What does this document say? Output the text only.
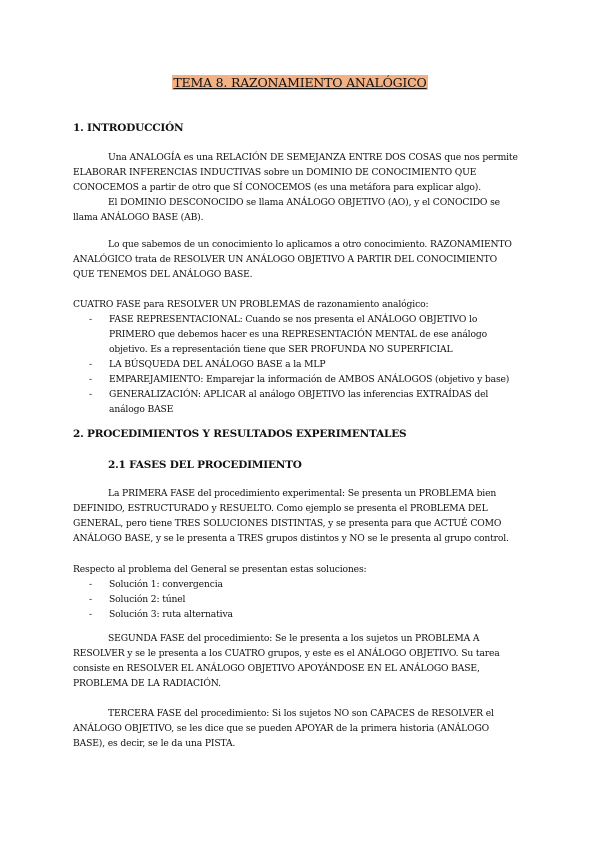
TEMA 8. RAZONAMIENTO ANALÓGICO
1. INTRODUCCIÓN
Una ANALOGÍA es una RELACIÓN DE SEMEJANZA ENTRE DOS COSAS que nos permite ELABORAR INFERENCIAS INDUCTIVAS sobre un DOMINIO DE CONOCIMIENTO QUE CONOCEMOS a partir de otro que SÍ CONOCEMOS (es una metáfora para explicar algo).
El DOMINIO DESCONOCIDO se llama ANÁLOGO OBJETIVO (AO), y el CONOCIDO se llama ANÁLOGO BASE (AB).
Lo que sabemos de un conocimiento lo aplicamos a otro conocimiento. RAZONAMIENTO ANALÓGICO trata de RESOLVER UN ANÁLOGO OBJETIVO A PARTIR DEL CONOCIMIENTO QUE TENEMOS DEL ANÁLOGO BASE.
CUATRO FASE para RESOLVER UN PROBLEMAS de razonamiento analógico:
- FASE REPRESENTACIONAL: Cuando se nos presenta el ANÁLOGO OBJETIVO lo PRIMERO que debemos hacer es una REPRESENTACIÓN MENTAL de ese análogo objetivo. Es a representación tiene que SER PROFUNDA NO SUPERFICIAL
- LA BÚSQUEDA DEL ANÁLOGO BASE a la MLP
- EMPAREJAMIENTO: Emparejar la información de AMBOS ANÁLOGOS (objetivo y base)
- GENERALIZACIÓN: APLICAR al análogo OBJETIVO las inferencias EXTRAÍDAS del análogo BASE
2. PROCEDIMIENTOS Y RESULTADOS EXPERIMENTALES
2.1 FASES DEL PROCEDIMIENTO
La PRIMERA FASE del procedimiento experimental: Se presenta un PROBLEMA bien DEFINIDO, ESTRUCTURADO y RESUELTO. Como ejemplo se presenta el PROBLEMA DEL GENERAL, pero tiene TRES SOLUCIONES DISTINTAS, y se presenta para que ACTUÉ COMO ANÁLOGO BASE, y se le presenta a TRES grupos distintos y NO se le presenta al grupo control.
Respecto al problema del General se presentan estas soluciones:
- Solución 1: convergencia
- Solución 2: túnel
- Solución 3: ruta alternativa
SEGUNDA FASE del procedimiento: Se le presenta a los sujetos un PROBLEMA A RESOLVER y se le presenta a los CUATRO grupos, y este es el ANÁLOGO OBJETIVO. Su tarea consiste en RESOLVER EL ANÁLOGO OBJETIVO APOYÁNDOSE EN EL ANÁLOGO BASE, PROBLEMA DE LA RADIACIÓN.
TERCERA FASE del procedimiento: Si los sujetos NO son CAPACES de RESOLVER el ANÁLOGO OBJETIVO, se les dice que se pueden APOYAR de la primera historia (ANÁLOGO BASE), es decir, se le da una PISTA.
